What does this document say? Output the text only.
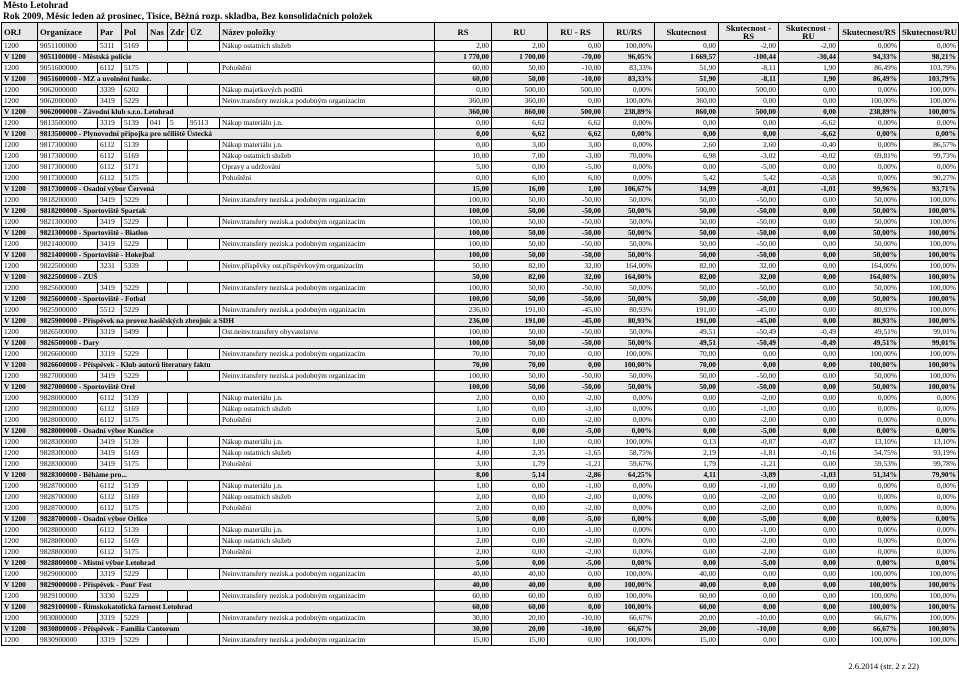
Město Letohrad
Rok 2009, Měsíc leden až prosinec, Tisíce, Běžná rozp. skladba, Bez konsolidačních položek
ORJ	Organizace	Par	Pol	Nas	Zdr	ÚZ	Název položky	RS	RU	RU - RS	RU/RS	Skutecnost	Skutecnost - RS	Skutecnost - RU	Skutecnost/RS	Skutecnost/RU
1200	9051100000	5311	5169				Nákup ostatních služeb	2,00	2,00	0,00	100,00%	0,00	-2,00	-2,00	0,00%	0,00%
V 1200	9051100000 - Městská policie							1 770,00	1 700,00	-70,00	96,05%	1 669,57	-100,44	-30,44	94,33%	98,21%
1200	9051600000	6112	5175				Pohoštění	60,00	50,00	-10,00	83,33%	51,90	-8,11	1,90	86,49%	103,79%
V 1200	9051600000 - MZ a uvolnění funkc.							60,00	50,00	-10,00	83,33%	51,90	-8,11	1,90	86,49%	103,79%
1200	9062000000	3339	6202				Nákup majetkových podílů	0,00	500,00	500,00	0,00%	500,00	500,00	0,00	0,00%	100,00%
1200	9062000000	3419	5229				Neinv.transfery nezisk.a podobným organizacím	360,00	360,00	0,00	100,00%	360,00	0,00	0,00	100,00%	100,00%
V 1200	9062000000 - Závodní klub s.r.o. Letohrad							360,00	860,00	500,00	238,89%	860,00	500,00	0,00	238,89%	100,00%
1200	9813500000	3319	5139	041	5	95113	Nákup materiálu j.n.	0,00	6,62	6,62	0,00%	0,00	0,00	-6,62	0,00%	0,00%
V 1200	9813500000 - Plynovodní přípojka pro učiliště Ústecká							0,00	6,62	6,62	0,00%	0,00	0,00	-6,62	0,00%	0,00%
1200	9817300000	6112	5139				Nákup materiálu j.n.	0,00	3,00	3,00	0,00%	2,60	2,60	-0,40	0,00%	86,57%
1200	9817300000	6112	5169				Nákup ostatních služeb	10,00	7,00	-3,00	70,00%	6,98	-3,02	-0,02	69,81%	99,73%
1200	9817300000	6112	5171				Opravy a udržování	5,00	0,00	-5,00	0,00%	0,00	-5,00	0,00	0,00%	0,00%
1200	9817300000	6112	5175				Pohoštění	0,00	6,00	6,00	0,00%	5,42	5,42	-0,58	0,00%	90,27%
V 1200	9817300000 - Osadní výbor Červená							15,00	16,00	1,00	106,67%	14,99	-0,01	-1,01	99,96%	93,71%
1200	9818200000	3419	5229				Neinv.transfery nezisk.a podobným organizacím	100,00	50,00	-50,00	50,00%	50,00	-50,00	0,00	50,00%	100,00%
V 1200	9818200000 - Sportoviště Spartak							100,00	50,00	-50,00	50,00%	50,00	-50,00	0,00	50,00%	100,00%
1200	9821300000	3419	5229				Neinv.transfery nezisk.a podobným organizacím	100,00	50,00	-50,00	50,00%	50,00	-50,00	0,00	50,00%	100,00%
V 1200	9821300000 - Sportoviště - Biatlon							100,00	50,00	-50,00	50,00%	50,00	-50,00	0,00	50,00%	100,00%
1200	9821400000	3419	5229				Neinv.transfery nezisk.a podobným organizacím	100,00	50,00	-50,00	50,00%	50,00	-50,00	0,00	50,00%	100,00%
V 1200	9821400000 - Sportoviště - Hokejbal							100,00	50,00	-50,00	50,00%	50,00	-50,00	0,00	50,00%	100,00%
1200	9822500000	3231	5339				Neinv.příspěvky ost.příspěvkovým organizacím	50,00	82,00	32,00	164,00%	82,00	32,00	0,00	164,00%	100,00%
V 1200	9822500000 - ZUŠ							50,00	82,00	32,00	164,00%	82,00	32,00	0,00	164,00%	100,00%
1200	9825600000	3419	5229				Neinv.transfery nezisk.a podobným organizacím	100,00	50,00	-50,00	50,00%	50,00	-50,00	0,00	50,00%	100,00%
V 1200	9825600000 - Sportoviště - Fotbal							100,00	50,00	-50,00	50,00%	50,00	-50,00	0,00	50,00%	100,00%
1200	9825900000	5512	5229				Neinv.transfery nezisk.a podobným organizacím	236,00	191,00	-45,00	80,93%	191,00	-45,00	0,00	80,93%	100,00%
V 1200	9825900000 - Příspěvek na provoz hasičských zbrojnic a SDH							236,00	191,00	-45,00	80,93%	191,00	-45,00	0,00	80,93%	100,00%
1200	9826500000	3319	5499				Ost.neinv.transfery obyvatelstvu	100,00	50,00	-50,00	50,00%	49,51	-50,49	-0,49	49,51%	99,01%
V 1200	9826500000 - Dary							100,00	50,00	-50,00	50,00%	49,51	-50,49	-0,49	49,51%	99,01%
1200	9826600000	3319	5229				Neinv.transfery nezisk.a podobným organizacím	70,00	70,00	0,00	100,00%	70,00	0,00	0,00	100,00%	100,00%
V 1200	9826600000 - Příspěvek - Klub autorů literatury faktu							70,00	70,00	0,00	100,00%	70,00	0,00	0,00	100,00%	100,00%
1200	9827000000	3419	5229				Neinv.transfery nezisk.a podobným organizacím	100,00	50,00	-50,00	50,00%	50,00	-50,00	0,00	50,00%	100,00%
V 1200	9827000000 - Sportoviště Orel							100,00	50,00	-50,00	50,00%	50,00	-50,00	0,00	50,00%	100,00%
1200	9828000000	6112	5139				Nákup materiálu j.n.	2,00	0,00	-2,00	0,00%	0,00	-2,00	0,00	0,00%	0,00%
1200	9828000000	6112	5169				Nákup ostatních služeb	1,00	0,00	-1,00	0,00%	0,00	-1,00	0,00	0,00%	0,00%
1200	9828000000	6112	5175				Pohoštění	2,00	0,00	-2,00	0,00%	0,00	-2,00	0,00	0,00%	0,00%
V 1200	9828000000 - Osadní výbor Kunčice							5,00	0,00	-5,00	0,00%	0,00	-5,00	0,00	0,00%	0,00%
1200	9828300000	3419	5139				Nákup materiálu j.n.	1,00	1,00	0,00	100,00%	0,13	-0,87	-0,87	13,10%	13,10%
1200	9828300000	3419	5169				Nákup ostatních služeb	4,00	2,35	-1,65	58,75%	2,19	-1,81	-0,16	54,75%	93,19%
1200	9828300000	3419	5175				Pohoštění	3,00	1,79	-1,21	59,67%	1,79	-1,21	0,00	59,53%	99,78%
V 1200	9828300000 - Běháme pro...							8,00	5,14	-2,86	64,25%	4,11	-3,89	-1,03	51,34%	79,90%
1200	9828700000	6112	5139				Nákup materiálu j.n.	1,00	0,00	-1,00	0,00%	0,00	-1,00	0,00	0,00%	0,00%
1200	9828700000	6112	5169				Nákup ostatních služeb	2,00	0,00	-2,00	0,00%	0,00	-2,00	0,00	0,00%	0,00%
1200	9828700000	6112	5175				Pohoštění	2,00	0,00	-2,00	0,00%	0,00	-2,00	0,00	0,00%	0,00%
V 1200	9828700000 - Osadní výbor Orlice							5,00	0,00	-5,00	0,00%	0,00	-5,00	0,00	0,00%	0,00%
1200	9828800000	6112	5139				Nákup materiálu j.n.	1,00	0,00	-1,00	0,00%	0,00	-1,00	0,00	0,00%	0,00%
1200	9828800000	6112	5169				Nákup ostatních služeb	2,00	0,00	-2,00	0,00%	0,00	-2,00	0,00	0,00%	0,00%
1200	9828800000	6112	5175				Pohoštění	2,00	0,00	-2,00	0,00%	0,00	-2,00	0,00	0,00%	0,00%
V 1200	9828800000 - Místní výbor Letohrad							5,00	0,00	-5,00	0,00%	0,00	-5,00	0,00	0,00%	0,00%
1200	9829000000	3319	5229				Neinv.transfery nezisk.a podobným organizacím	40,00	40,00	0,00	100,00%	40,00	0,00	0,00	100,00%	100,00%
V 1200	9829000000 - Příspěvek - Pouť Fest							40,00	40,00	0,00	100,00%	40,00	0,00	0,00	100,00%	100,00%
1200	9829100000	3330	5229				Neinv.transfery nezisk.a podobným organizacím	60,00	60,00	0,00	100,00%	60,00	0,00	0,00	100,00%	100,00%
V 1200	9829100000 - Římskokatolická farnost Letohrad							60,00	60,00	0,00	100,00%	60,00	0,00	0,00	100,00%	100,00%
1200	9830800000	3319	5229				Neinv.transfery nezisk.a podobným organizacím	30,00	20,00	-10,00	66,67%	20,00	-10,00	0,00	66,67%	100,00%
V 1200	9830800000 - Příspěvek - Familia Cantorum							30,00	20,00	-10,00	66,67%	20,00	-10,00	0,00	66,67%	100,00%
1200	9830900000	3319	5229				Neinv.transfery nezisk.a podobným organizacím	15,00	15,00	0,00	100,00%	15,00	0,00	0,00	100,00%	100,00%
2.6.2014 (str. 2 z 22)
